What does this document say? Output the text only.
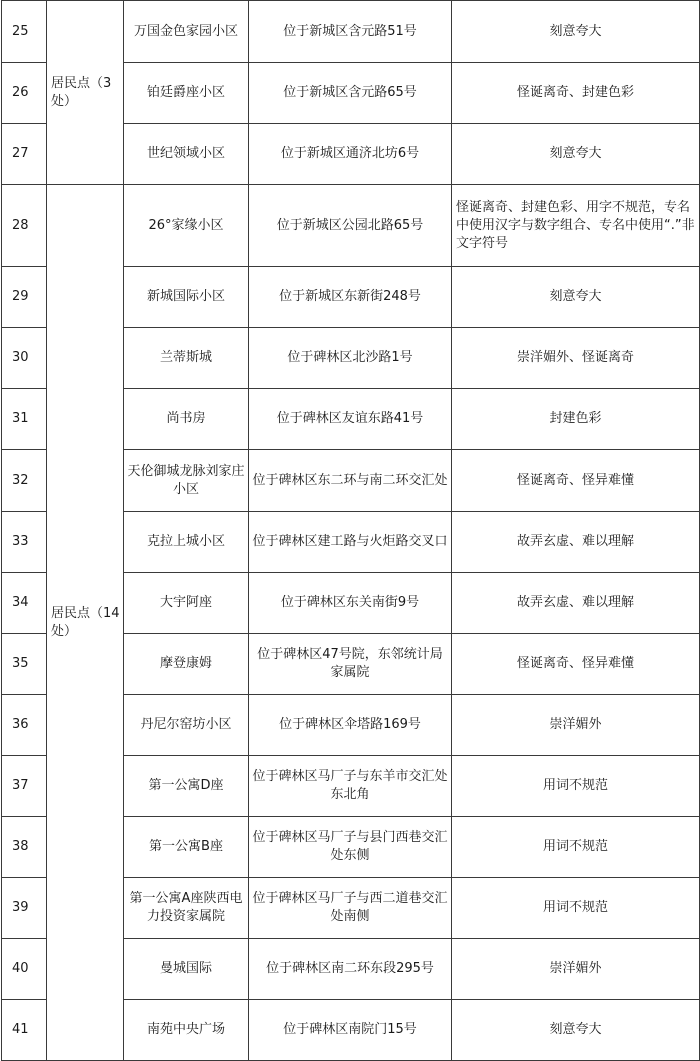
25	居民点（3处）	万国金色家园小区	位于新城区含元路51号	刻意夸大
26		铂廷爵座小区	位于新城区含元路65号	怪诞离奇、封建色彩
27		世纪领域小区	位于新城区通济北坊6号	刻意夸大
28	居民点（14处）	26°家缘小区	位于新城区公园北路65号	怪诞离奇、封建色彩、用字不规范，专名中使用汉字与数字组合、专名中使用“.”非文字符号
29		新城国际小区	位于新城区东新街248号	刻意夸大
30		兰蒂斯城	位于碑林区北沙路1号	崇洋媚外、怪诞离奇
31		尚书房	位于碑林区友谊东路41号	封建色彩
32		天伦御城龙脉刘家庄小区	位于碑林区东二环与南二环交汇处	怪诞离奇、怪异难懂
33		克拉上城小区	位于碑林区建工路与火炬路交叉口	故弄玄虚、难以理解
34		大宇阿座	位于碑林区东关南街9号	故弄玄虚、难以理解
35		摩登康姆	位于碑林区47号院，东邻统计局家属院	怪诞离奇、怪异难懂
36		丹尼尔窑坊小区	位于碑林区伞塔路169号	崇洋媚外
37		第一公寓D座	位于碑林区马厂子与东羊市交汇处东北角	用词不规范
38		第一公寓B座	位于碑林区马厂子与县门西巷交汇处东侧	用词不规范
39		第一公寓A座陕西电力投资家属院	位于碑林区马厂子与西二道巷交汇处南侧	用词不规范
40		曼城国际	位于碑林区南二环东段295号	崇洋媚外
41		南苑中央广场	位于碑林区南院门15号	刻意夸大
